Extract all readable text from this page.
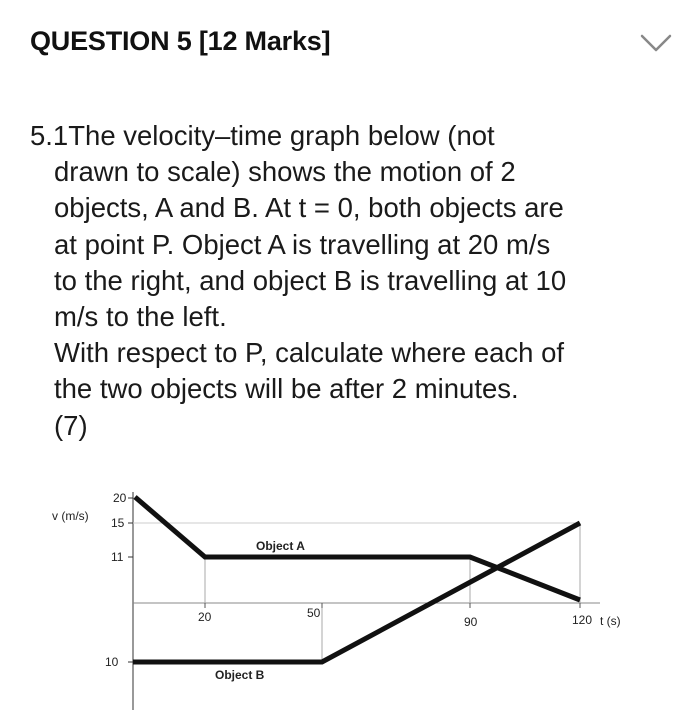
QUESTION 5 [12 Marks]
5.1The velocity–time graph below (not
drawn to scale) shows the motion of 2
objects, A and B. At t = 0, both objects are
at point P. Object A is travelling at 20 m/s
to the right, and object B is travelling at 10
m/s to the left.
With respect to P, calculate where each of
the two objects will be after 2 minutes.
(7)
20
15
11
10
v (m/s)
t (s)
20	50
90	120
Object A
Object B
